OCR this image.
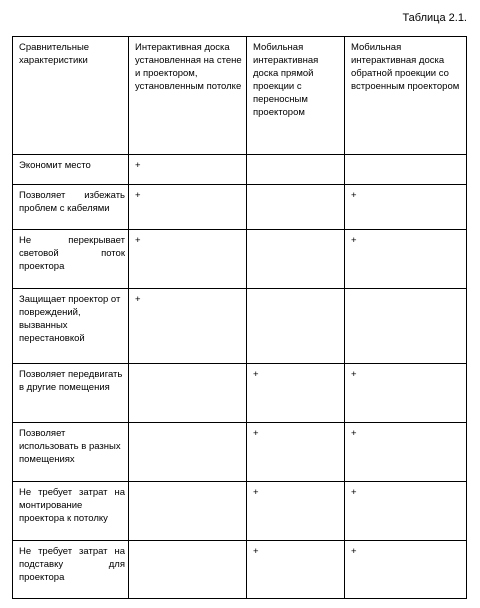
Таблица 2.1.
Сравнительные характеристики	Интерактивная доска установленная на стене и проектором, установленным потолке	Мобильная интерактивная доска прямой проекции с переносным проектором	Мобильная интерактивная доска обратной проекции со встроенным проектором
Экономит место	+		
Позволяет избежать проблем с кабелями	+		+
Не перекрывает световой поток проектора	+		+
Защищает проектор от повреждений, вызванных перестановкой	+		
Позволяет передвигать в другие помещения		+	+
Позволяет использовать в разных помещениях		+	+
Не требует затрат на монтирование проектора к потолку		+	+
Не требует затрат на подставку для проектора		+	+
